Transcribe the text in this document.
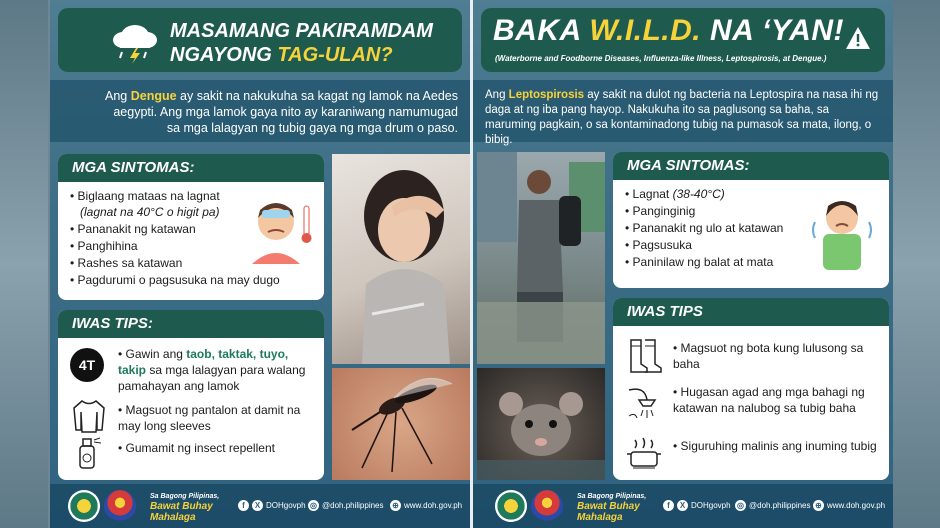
MASAMANG PAKIRAMDAM
NGAYONG TAG-ULAN?
Ang Dengue ay sakit na nakukuha sa kagat ng lamok na Aedes aegypti. Ang mga lamok gaya nito ay karaniwang namumugad sa mga lalagyan ng tubig gaya ng mga drum o paso.
MGA SINTOMAS:
• Biglaang mataas na lagnat
(lagnat na 40°C o higit pa)
• Pananakit ng katawan
• Panghihina
• Rashes sa katawan
• Pagdurumi o pagsusuka na may dugo
IWAS TIPS:
4T
• Gawin ang taob, taktak, tuyo, takip sa mga lalagyan para walang pamahayan ang lamok
• Magsuot ng pantalon at damit na may long sleeves
• Gumamit ng insect repellent
Sa Bagong Pilipinas,
Bawat Buhay
Mahalaga
f	X DOHgovph ◎ @doh.philippines ⊕ www.doh.gov.ph
BAKA W.I.L.D. NA ‘YAN!
(Waterborne and Foodborne Diseases, Influenza-like Illness, Leptospirosis, at Dengue.)
Ang Leptospirosis ay sakit na dulot ng bacteria na Leptospira na nasa ihi ng daga at ng iba pang hayop. Nakukuha ito sa paglusong sa baha, sa maruming pagkain, o sa kontaminadong tubig na pumasok sa mata, ilong, o bibig.
MGA SINTOMAS:
• Lagnat (38-40°C)
• Panginginig
• Pananakit ng ulo at katawan
• Pagsusuka
• Paninilaw ng balat at mata
IWAS TIPS
• Magsuot ng bota kung lulusong sa baha
• Hugasan agad ang mga bahagi ng katawan na nalubog sa tubig baha
• Siguruhing malinis ang inuming tubig
Sa Bagong Pilipinas,
Bawat Buhay
Mahalaga
f	X DOHgovph ◎ @doh.philippines ⊕ www.doh.gov.ph
